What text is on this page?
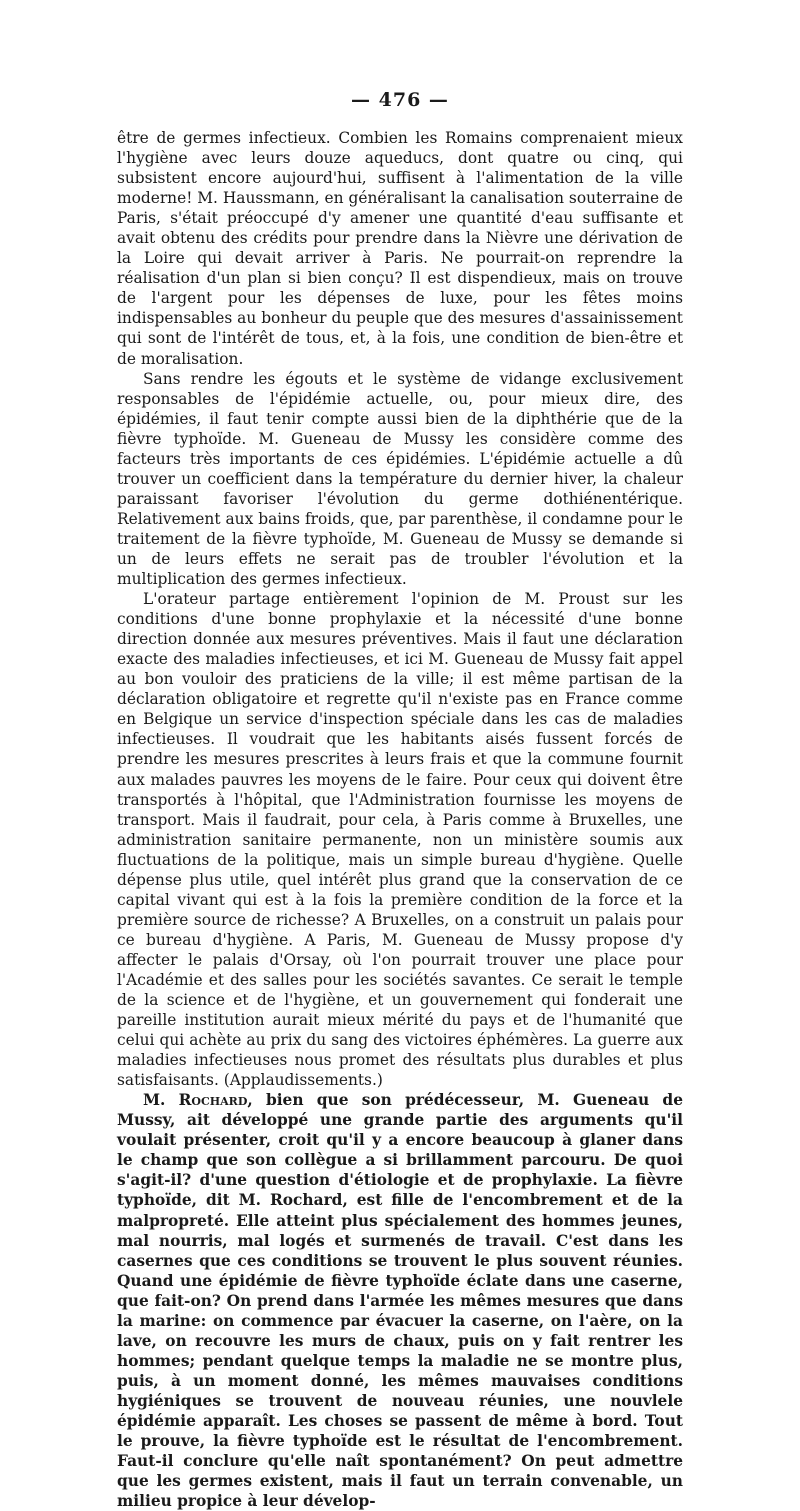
— 476 —

être de germes infectieux. Combien les Romains comprenaient mieux l'hygiène avec leurs douze aqueducs, dont quatre ou cinq, qui subsistent encore aujourd'hui, suffisent à l'alimentation de la ville moderne! M. Haussmann, en généralisant la canalisation souterraine de Paris, s'était préoccupé d'y amener une quantité d'eau suffisante et avait obtenu des crédits pour prendre dans la Nièvre une dérivation de la Loire qui devait arriver à Paris. Ne pourrait-on reprendre la réalisation d'un plan si bien conçu? Il est dispendieux, mais on trouve de l'argent pour les dépenses de luxe, pour les fêtes moins indispensables au bonheur du peuple que des mesures d'assainissement qui sont de l'intérêt de tous, et, à la fois, une condition de bien-être et de moralisation.

Sans rendre les égouts et le système de vidange exclusivement responsables de l'épidémie actuelle, ou, pour mieux dire, des épidémies, il faut tenir compte aussi bien de la diphthérie que de la fièvre typhoïde. M. Gueneau de Mussy les considère comme des facteurs très importants de ces épidémies. L'épidémie actuelle a dû trouver un coefficient dans la température du dernier hiver, la chaleur paraissant favoriser l'évolution du germe dothiénentérique. Relativement aux bains froids, que, par parenthèse, il condamne pour le traitement de la fièvre typhoïde, M. Gueneau de Mussy se demande si un de leurs effets ne serait pas de troubler l'évolution et la multiplication des germes infectieux.

L'orateur partage entièrement l'opinion de M. Proust sur les conditions d'une bonne prophylaxie et la nécessité d'une bonne direction donnée aux mesures préventives. Mais il faut une déclaration exacte des maladies infectieuses, et ici M. Gueneau de Mussy fait appel au bon vouloir des praticiens de la ville; il est même partisan de la déclaration obligatoire et regrette qu'il n'existe pas en France comme en Belgique un service d'inspection spéciale dans les cas de maladies infectieuses. Il voudrait que les habitants aisés fussent forcés de prendre les mesures prescrites à leurs frais et que la commune fournit aux malades pauvres les moyens de le faire. Pour ceux qui doivent être transportés à l'hôpital, que l'Administration fournisse les moyens de transport. Mais il faudrait, pour cela, à Paris comme à Bruxelles, une administration sanitaire permanente, non un ministère soumis aux fluctuations de la politique, mais un simple bureau d'hygiène. Quelle dépense plus utile, quel intérêt plus grand que la conservation de ce capital vivant qui est à la fois la première condition de la force et la première source de richesse? A Bruxelles, on a construit un palais pour ce bureau d'hygiène. A Paris, M. Gueneau de Mussy propose d'y affecter le palais d'Orsay, où l'on pourrait trouver une place pour l'Académie et des salles pour les sociétés savantes. Ce serait le temple de la science et de l'hygiène, et un gouvernement qui fonderait une pareille institution aurait mieux mérité du pays et de l'humanité que celui qui achète au prix du sang des victoires éphémères. La guerre aux maladies infectieuses nous promet des résultats plus durables et plus satisfaisants. (Applaudissements.)

M. Rochard, bien que son prédécesseur, M. Gueneau de Mussy, ait développé une grande partie des arguments qu'il voulait présenter, croit qu'il y a encore beaucoup à glaner dans le champ que son collègue a si brillamment parcouru. De quoi s'agit-il? d'une question d'étiologie et de prophylaxie. La fièvre typhoïde, dit M. Rochard, est fille de l'encombrement et de la malpropreté. Elle atteint plus spécialement des hommes jeunes, mal nourris, mal logés et surmenés de travail. C'est dans les casernes que ces conditions se trouvent le plus souvent réunies. Quand une épidémie de fièvre typhoïde éclate dans une caserne, que fait-on? On prend dans l'armée les mêmes mesures que dans la marine: on commence par évacuer la caserne, on l'aère, on la lave, on recouvre les murs de chaux, puis on y fait rentrer les hommes; pendant quelque temps la maladie ne se montre plus, puis, à un moment donné, les mêmes mauvaises conditions hygiéniques se trouvent de nouveau réunies, une nouvlele épidémie apparaît. Les choses se passent de même à bord. Tout le prouve, la fièvre typhoïde est le résultat de l'encombrement. Faut-il conclure qu'elle naît spontanément? On peut admettre que les germes existent, mais il faut un terrain convenable, un milieu propice à leur dévelop-
